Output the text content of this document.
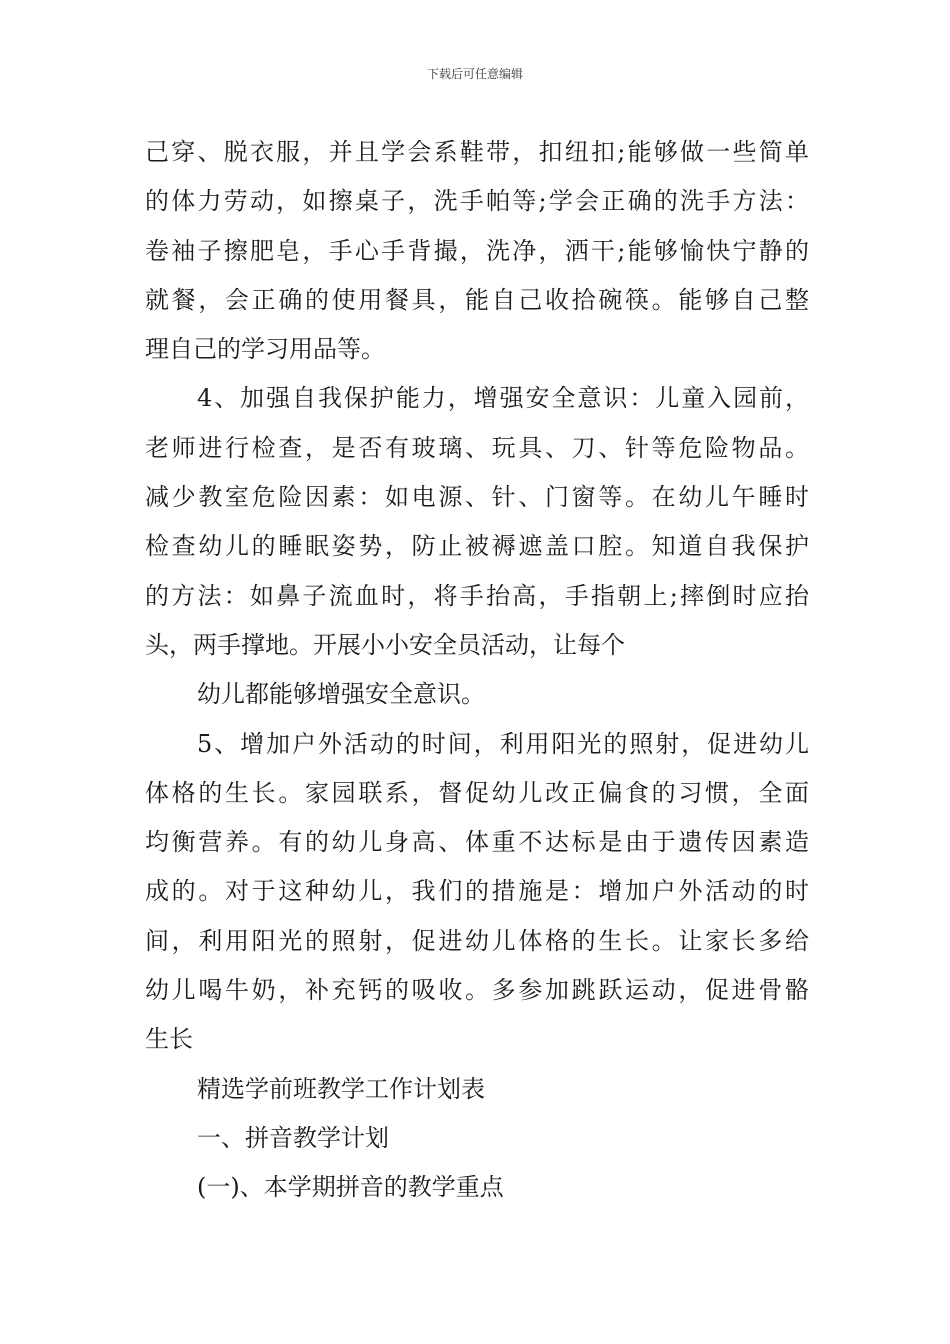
下载后可任意编辑
己穿、脱衣服，并且学会系鞋带，扣纽扣;能够做一些简单
的体力劳动，如擦桌子，洗手帕等;学会正确的洗手方法：
卷袖子擦肥皂，手心手背撮，洗净，洒干;能够愉快宁静的
就餐，会正确的使用餐具，能自己收拾碗筷。能够自己整
理自己的学习用品等。
4、加强自我保护能力，增强安全意识：儿童入园前，
老师进行检查，是否有玻璃、玩具、刀、针等危险物品。
减少教室危险因素：如电源、针、门窗等。在幼儿午睡时
检查幼儿的睡眠姿势，防止被褥遮盖口腔。知道自我保护
的方法：如鼻子流血时，将手抬高，手指朝上;摔倒时应抬
头，两手撑地。开展小小安全员活动，让每个
幼儿都能够增强安全意识。
5、增加户外活动的时间，利用阳光的照射，促进幼儿
体格的生长。家园联系，督促幼儿改正偏食的习惯，全面
均衡营养。有的幼儿身高、体重不达标是由于遗传因素造
成的。对于这种幼儿，我们的措施是：增加户外活动的时
间，利用阳光的照射，促进幼儿体格的生长。让家长多给
幼儿喝牛奶，补充钙的吸收。多参加跳跃运动，促进骨骼
生长
精选学前班教学工作计划表
一、拼音教学计划
(一)、本学期拼音的教学重点
